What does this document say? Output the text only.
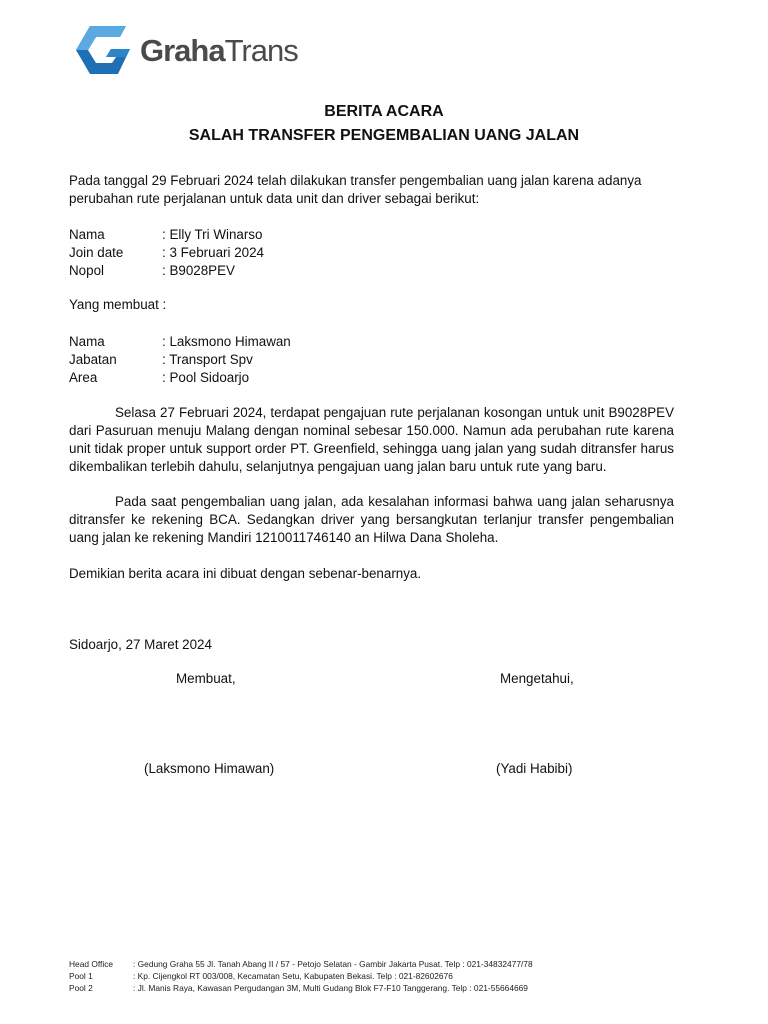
GrahaTrans
BERITA ACARA
SALAH TRANSFER PENGEMBALIAN UANG JALAN
Pada tanggal 29 Februari 2024 telah dilakukan transfer pengembalian uang jalan karena adanya perubahan rute perjalanan untuk data unit dan driver sebagai berikut:
Nama	: Elly Tri Winarso
Join date	: 3 Februari 2024
Nopol	: B9028PEV
Yang membuat :
Nama	: Laksmono Himawan
Jabatan	: Transport Spv
Area	: Pool Sidoarjo
Selasa 27 Februari 2024, terdapat pengajuan rute perjalanan kosongan untuk unit B9028PEV dari Pasuruan menuju Malang dengan nominal sebesar 150.000. Namun ada perubahan rute karena unit tidak proper untuk support order PT. Greenfield, sehingga uang jalan yang sudah ditransfer harus dikembalikan terlebih dahulu, selanjutnya pengajuan uang jalan baru untuk rute yang baru.
Pada saat pengembalian uang jalan, ada kesalahan informasi bahwa uang jalan seharusnya ditransfer ke rekening BCA. Sedangkan driver yang bersangkutan terlanjur transfer pengembalian uang jalan ke rekening Mandiri 1210011746140 an Hilwa Dana Sholeha.
Demikian berita acara ini dibuat dengan sebenar-benarnya.
Sidoarjo, 27 Maret 2024
Membuat,	Mengetahui,
(Laksmono Himawan)	(Yadi Habibi)
Head Office : Gedung Graha 55 Jl. Tanah Abang II / 57 - Petojo Selatan - Gambir Jakarta Pusat. Telp : 021-34832477/78
Pool 1	: Kp. Cijengkol RT 003/008, Kecamatan Setu, Kabupaten Bekasi. Telp : 021-82602676
Pool 2	: Jl. Manis Raya, Kawasan Pergudangan 3M, Multi Gudang Blok F7-F10 Tanggerang. Telp : 021-55664669
